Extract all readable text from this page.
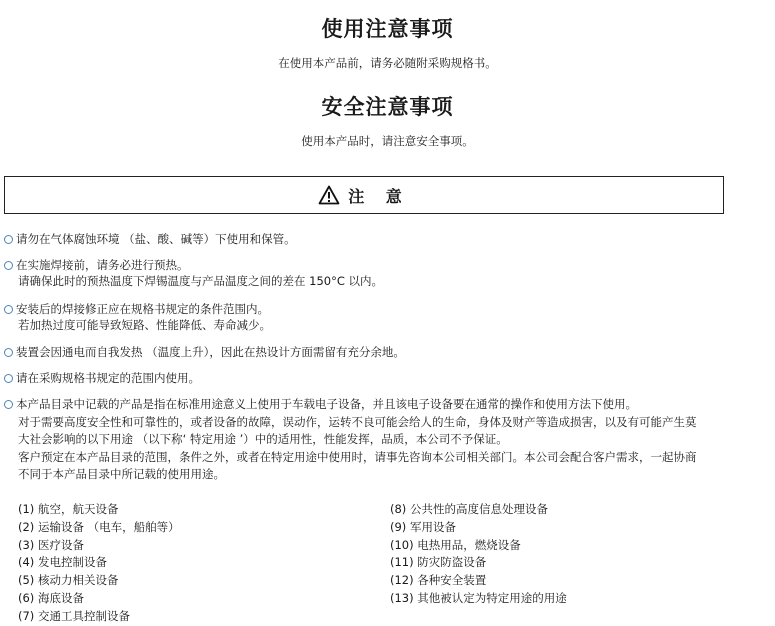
使用注意事项
在使用本产品前，请务必随附采购规格书。
安全注意事项
使用本产品时，请注意安全事项。
注 意
请勿在气体腐蚀环境 （盐、酸、碱等）下使用和保管。
在实施焊接前，请务必进行预热。
请确保此时的预热温度下焊锡温度与产品温度之间的差在 150°C 以内。
安装后的焊接修正应在规格书规定的条件范围内。
若加热过度可能导致短路、性能降低、寿命减少。
装置会因通电而自我发热 （温度上升），因此在热设计方面需留有充分余地。
请在采购规格书规定的范围内使用。
本产品目录中记载的产品是指在标准用途意义上使用于车载电子设备，并且该电子设备要在通常的操作和使用方法下使用。
对于需要高度安全性和可靠性的，或者设备的故障，误动作，运转不良可能会给人的生命，身体及财产等造成损害，以及有可能产生莫
大社会影响的以下用途 （以下称‘ 特定用途 ’）中的适用性，性能发挥，品质，本公司不予保证。
客户预定在本产品目录的范围，条件之外，或者在特定用途中使用时，请事先咨询本公司相关部门。本公司会配合客户需求，一起协商
不同于本产品目录中所记载的使用用途。
(1) 航空，航天设备
(2) 运输设备 （电车，船舶等）
(3) 医疗设备
(4) 发电控制设备
(5) 核动力相关设备
(6) 海底设备
(7) 交通工具控制设备
(8) 公共性的高度信息处理设备
(9) 军用设备
(10) 电热用品，燃烧设备
(11) 防灾防盗设备
(12) 各种安全装置
(13) 其他被认定为特定用途的用途
